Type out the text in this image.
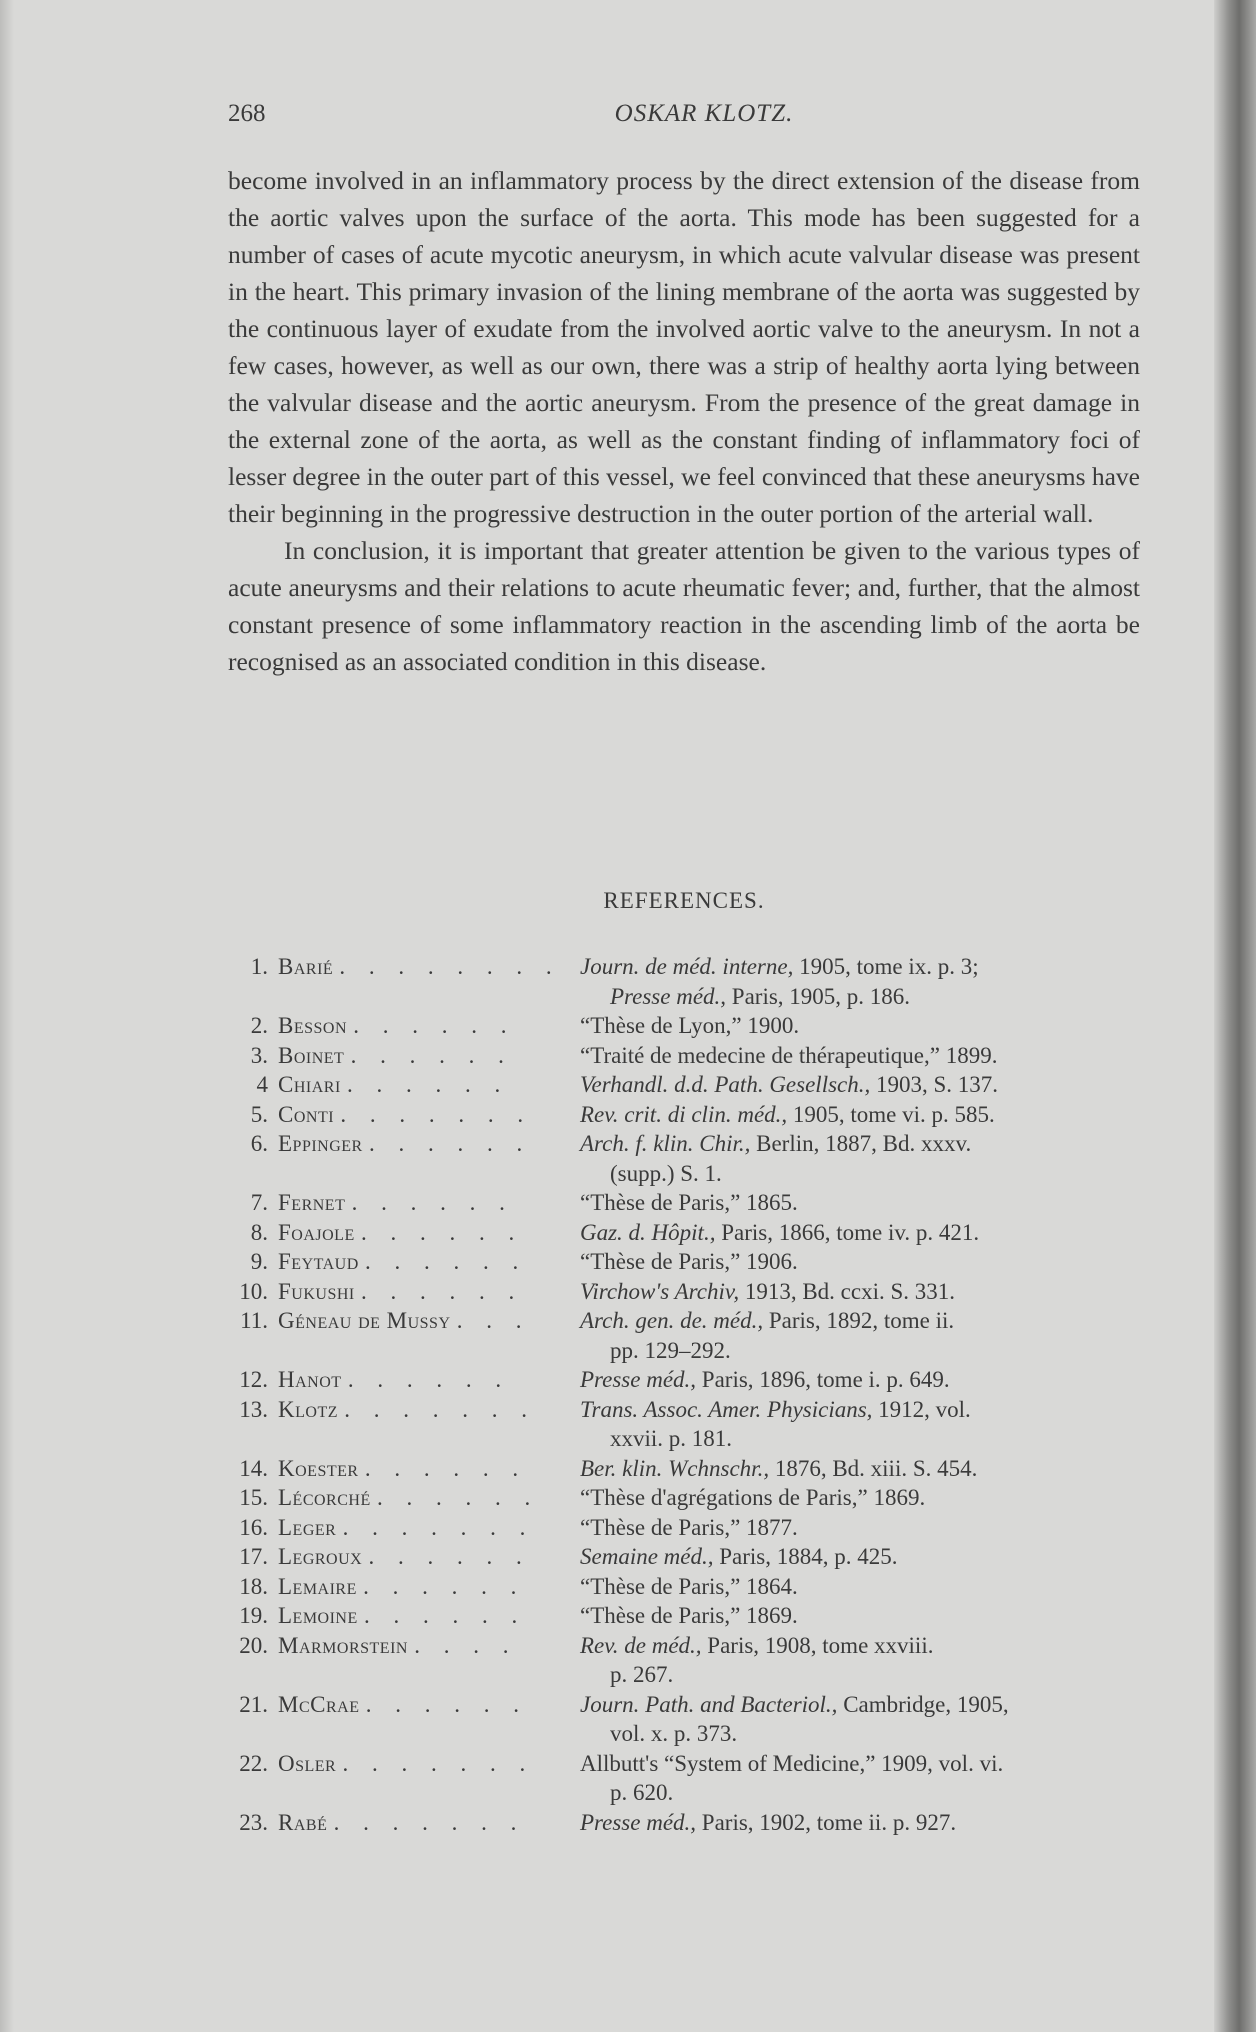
268	OSKAR KLOTZ.

become involved in an inflammatory process by the direct extension of the disease from the aortic valves upon the surface of the aorta. This mode has been suggested for a number of cases of acute mycotic aneurysm, in which acute valvular disease was present in the heart. This primary invasion of the lining membrane of the aorta was suggested by the continuous layer of exudate from the involved aortic valve to the aneurysm. In not a few cases, however, as well as our own, there was a strip of healthy aorta lying between the valvular disease and the aortic aneurysm. From the presence of the great damage in the external zone of the aorta, as well as the constant finding of inflammatory foci of lesser degree in the outer part of this vessel, we feel convinced that these aneurysms have their beginning in the progressive destruction in the outer portion of the arterial wall.

In conclusion, it is important that greater attention be given to the various types of acute aneurysms and their relations to acute rheumatic fever; and, further, that the almost constant presence of some inflammatory reaction in the ascending limb of the aorta be recognised as an associated condition in this disease.

REFERENCES.
1. Barié . . . . . . . . Journ. de méd. interne, 1905, tome ix. p. 3;
Presse méd., Paris, 1905, p. 186.
2. Besson . . . . . .	“Thèse de Lyon,” 1900.
3. Boinet . . . . . .	“Traité de medecine de thérapeutique,” 1899.
4 Chiari . . . . . .	Verhandl. d.d. Path. Gesellsch., 1903, S. 137.
5. Conti . . . . . . .	Rev. crit. di clin. méd., 1905, tome vi. p. 585.
6. Eppinger . . . . . .	Arch. f. klin. Chir., Berlin, 1887, Bd. xxxv.
(supp.) S. 1.
7. Fernet . . . . . .	“Thèse de Paris,” 1865.
8. Foajole . . . . . .	Gaz. d. Hôpit., Paris, 1866, tome iv. p. 421.
9. Feytaud . . . . . .	“Thèse de Paris,” 1906.
10. Fukushi . . . . . .	Virchow's Archiv, 1913, Bd. ccxi. S. 331.
11. Géneau de Mussy . . .	Arch. gen. de. méd., Paris, 1892, tome ii.
pp. 129–292.
12. Hanot . . . . . .	Presse méd., Paris, 1896, tome i. p. 649.
13. Klotz . . . . . . .	Trans. Assoc. Amer. Physicians, 1912, vol.
xxvii. p. 181.
14. Koester . . . . . .	Ber. klin. Wchnschr., 1876, Bd. xiii. S. 454.
15. Lécorché . . . . . .	“Thèse d'agrégations de Paris,” 1869.
16. Leger . . . . . . .	“Thèse de Paris,” 1877.
17. Legroux . . . . . .	Semaine méd., Paris, 1884, p. 425.
18. Lemaire . . . . . .	“Thèse de Paris,” 1864.
19. Lemoine . . . . . .	“Thèse de Paris,” 1869.
20. Marmorstein . . . .	Rev. de méd., Paris, 1908, tome xxviii.
p. 267.
21. McCrae . . . . . .	Journ. Path. and Bacteriol., Cambridge, 1905,
vol. x. p. 373.
22. Osler . . . . . . .	Allbutt's “System of Medicine,” 1909, vol. vi.
p. 620.
23. Rabé . . . . . . .	Presse méd., Paris, 1902, tome ii. p. 927.
